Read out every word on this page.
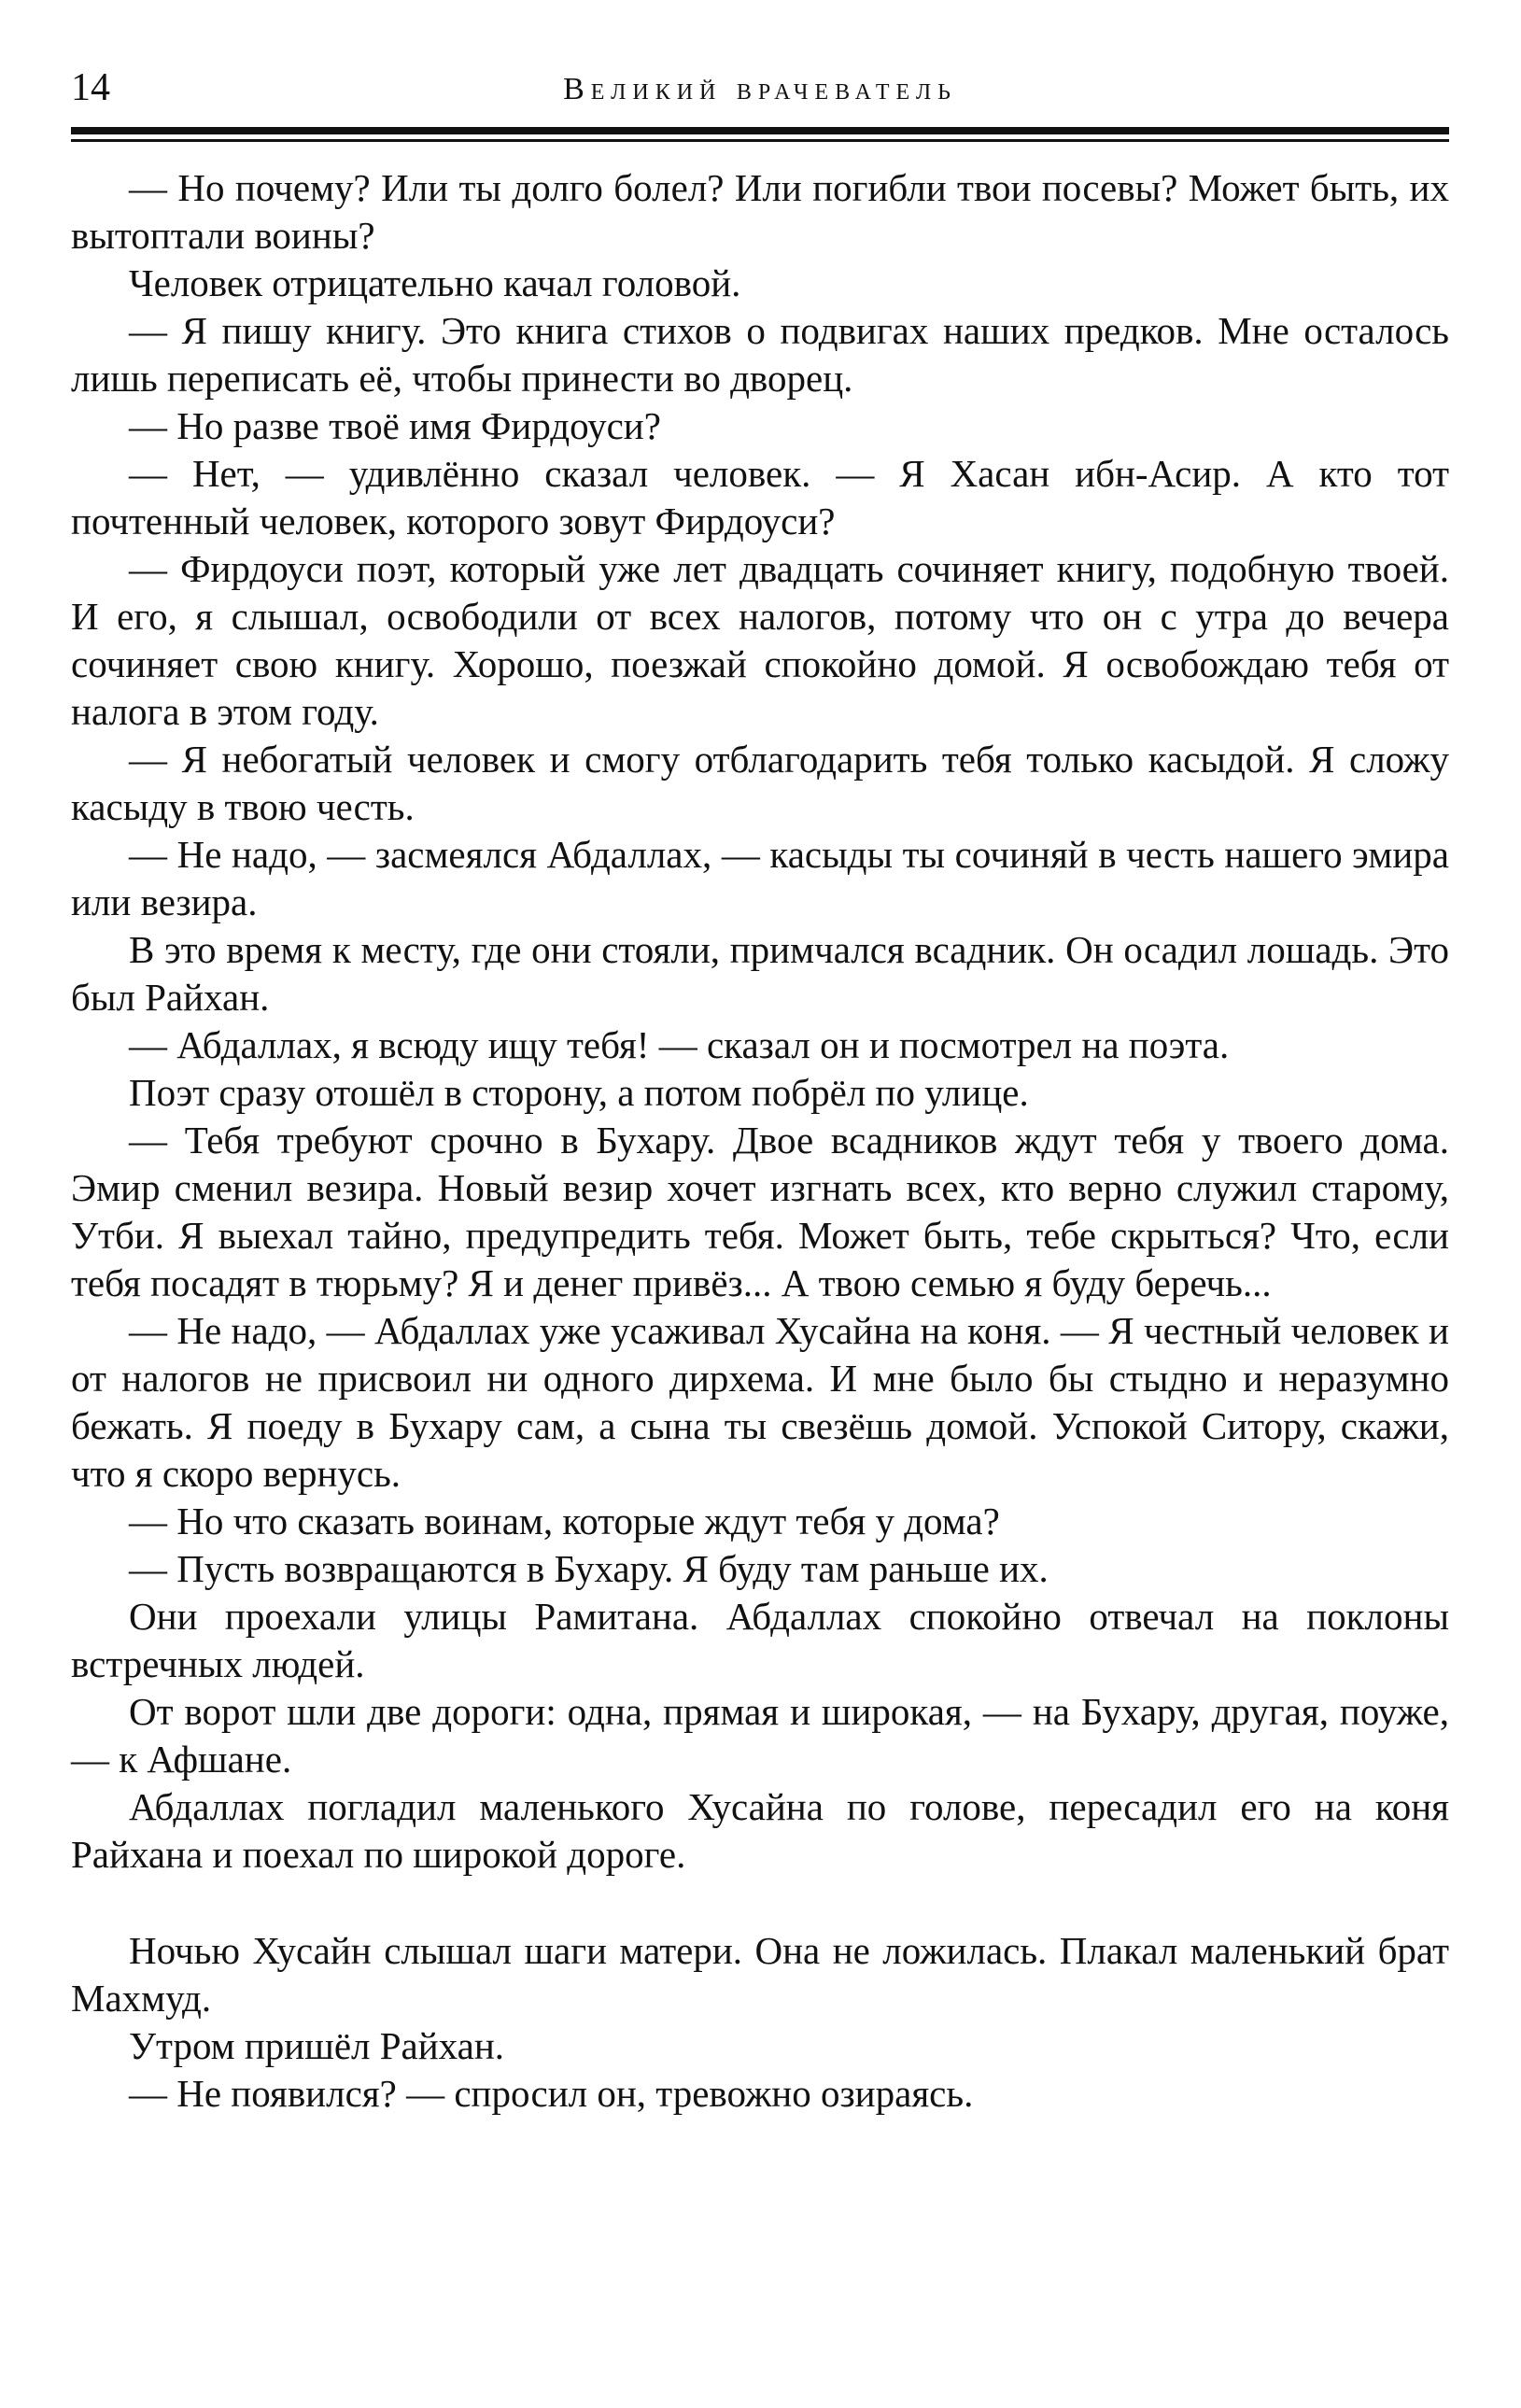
14	Великий врачеватель

— Но почему? Или ты долго болел? Или погибли твои посевы? Может быть, их вытоптали воины?

Человек отрицательно качал головой.

— Я пишу книгу. Это книга стихов о подвигах наших предков. Мне осталось лишь переписать её, чтобы принести во дворец.

— Но разве твоё имя Фирдоуси?

— Нет, — удивлённо сказал человек. — Я Хасан ибн-Асир. А кто тот почтенный человек, которого зовут Фирдоуси?

— Фирдоуси поэт, который уже лет двадцать сочиняет книгу, подобную твоей. И его, я слышал, освободили от всех налогов, потому что он с утра до вечера сочиняет свою книгу. Хорошо, поезжай спокойно домой. Я освобождаю тебя от налога в этом году.

— Я небогатый человек и смогу отблагодарить тебя только касыдой. Я сложу касыду в твою честь.

— Не надо, — засмеялся Абдаллах, — касыды ты сочиняй в честь нашего эмира или везира.

В это время к месту, где они стояли, примчался всадник. Он осадил лошадь. Это был Райхан.

— Абдаллах, я всюду ищу тебя! — сказал он и посмотрел на поэта.

Поэт сразу отошёл в сторону, а потом побрёл по улице.

— Тебя требуют срочно в Бухару. Двое всадников ждут тебя у твоего дома. Эмир сменил везира. Новый везир хочет изгнать всех, кто верно служил старому, Утби. Я выехал тайно, предупредить тебя. Может быть, тебе скрыться? Что, если тебя посадят в тюрьму? Я и денег привёз... А твою семью я буду беречь...

— Не надо, — Абдаллах уже усаживал Хусайна на коня. — Я честный человек и от налогов не присвоил ни одного дирхема. И мне было бы стыдно и неразумно бежать. Я поеду в Бухару сам, а сына ты свезёшь домой. Успокой Ситору, скажи, что я скоро вернусь.

— Но что сказать воинам, которые ждут тебя у дома?

— Пусть возвращаются в Бухару. Я буду там раньше их.

Они проехали улицы Рамитана. Абдаллах спокойно отвечал на поклоны встречных людей.

От ворот шли две дороги: одна, прямая и широкая, — на Бухару, другая, поуже, — к Афшане.

Абдаллах погладил маленького Хусайна по голове, пересадил его на коня Райхана и поехал по широкой дороге.

Ночью Хусайн слышал шаги матери. Она не ложилась. Плакал маленький брат Махмуд.

Утром пришёл Райхан.

— Не появился? — спросил он, тревожно озираясь.
